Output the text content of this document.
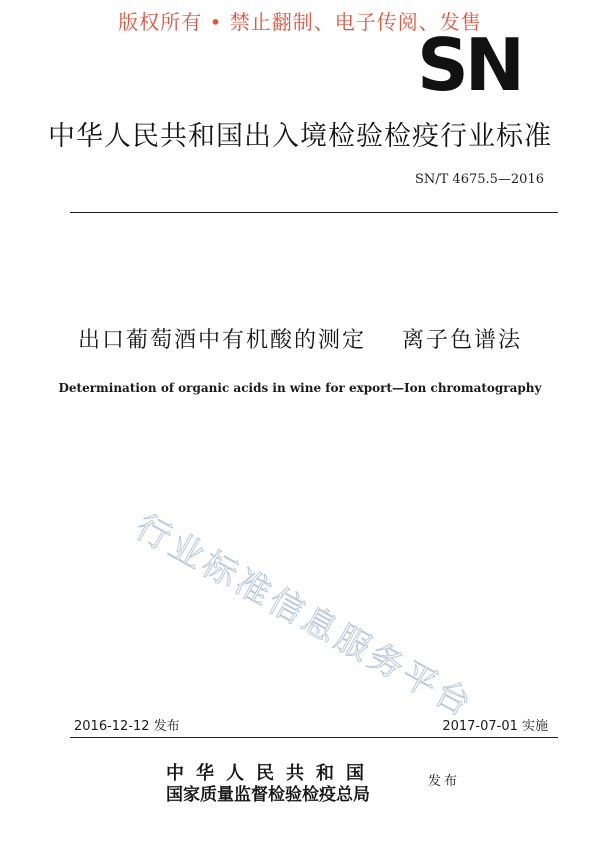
版权所有 • 禁止翻制、电子传阅、发售
SN
中华人民共和国出入境检验检疫行业标准
SN/T 4675.5—2016
出口葡萄酒中有机酸的测定    离子色谱法
Determination of organic acids in wine for export—Ion chromatography
行业标准信息服务平台
2016-12-12 发布	2017-07-01 实施
中华人民共和国
国家质量监督检验检疫总局
发布
